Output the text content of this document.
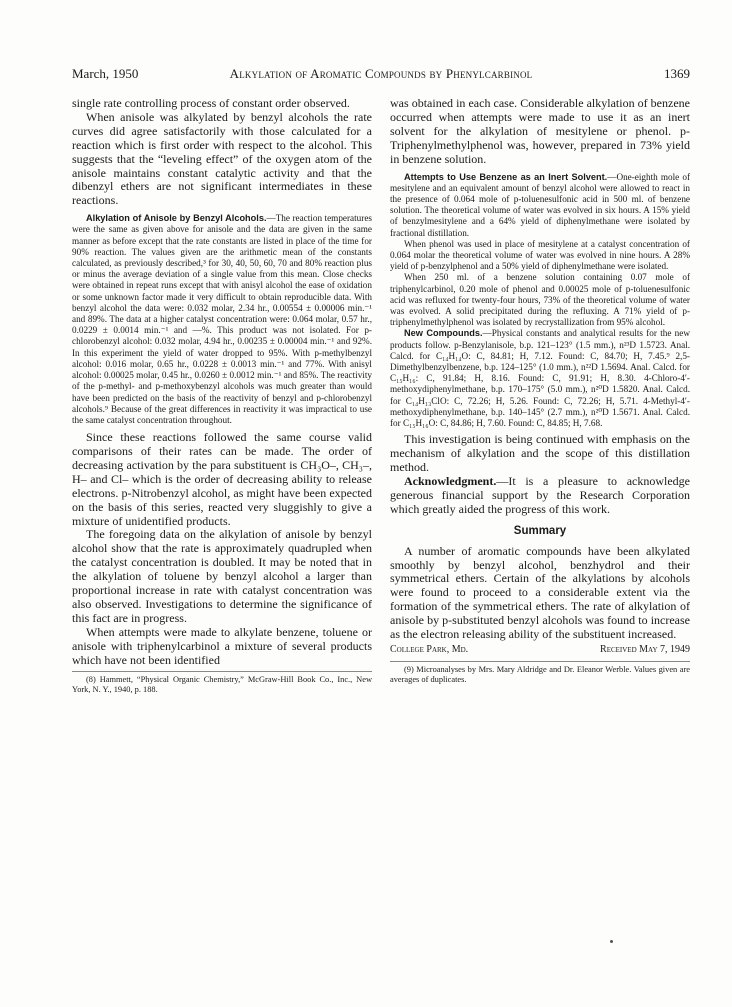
March, 1950	Alkylation of Aromatic Compounds by Phenylcarbinol	1369

single rate controlling process of constant order observed.

When anisole was alkylated by benzyl alcohols the rate curves did agree satisfactorily with those calculated for a reaction which is first order with respect to the alcohol. This suggests that the “leveling effect” of the oxygen atom of the anisole maintains constant catalytic activity and that the dibenzyl ethers are not significant intermediates in these reactions.

Alkylation of Anisole by Benzyl Alcohols.—The reaction temperatures were the same as given above for anisole and the data are given in the same manner as before except that the rate constants are listed in place of the time for 90% reaction. The values given are the arithmetic mean of the constants calculated, as previously described,³ for 30, 40, 50, 60, 70 and 80% reaction plus or minus the average deviation of a single value from this mean. Close checks were obtained in repeat runs except that with anisyl alcohol the ease of oxidation or some unknown factor made it very difficult to obtain reproducible data. With benzyl alcohol the data were: 0.032 molar, 2.34 hr., 0.00554 ± 0.00006 min.⁻¹ and 89%. The data at a higher catalyst concentration were: 0.064 molar, 0.57 hr., 0.0229 ± 0.0014 min.⁻¹ and —%. This product was not isolated. For p-chlorobenzyl alcohol: 0.032 molar, 4.94 hr., 0.00235 ± 0.00004 min.⁻¹ and 92%. In this experiment the yield of water dropped to 95%. With p-methylbenzyl alcohol: 0.016 molar, 0.65 hr., 0.0228 ± 0.0013 min.⁻¹ and 77%. With anisyl alcohol: 0.00025 molar, 0.45 hr., 0.0260 ± 0.0012 min.⁻¹ and 85%. The reactivity of the p-methyl- and p-methoxybenzyl alcohols was much greater than would have been predicted on the basis of the reactivity of benzyl and p-chlorobenzyl alcohols.⁹ Because of the great differences in reactivity it was impractical to use the same catalyst concentration throughout.

Since these reactions followed the same course valid comparisons of their rates can be made. The order of decreasing activation by the para substituent is CH₃O–, CH₃–, H– and Cl– which is the order of decreasing ability to release electrons. p-Nitrobenzyl alcohol, as might have been expected on the basis of this series, reacted very sluggishly to give a mixture of unidentified products.

The foregoing data on the alkylation of anisole by benzyl alcohol show that the rate is approximately quadrupled when the catalyst concentration is doubled. It may be noted that in the alkylation of toluene by benzyl alcohol a larger than proportional increase in rate with catalyst concentration was also observed. Investigations to determine the significance of this fact are in progress.

When attempts were made to alkylate benzene, toluene or anisole with triphenylcarbinol a mixture of several products which have not been identified

(8) Hammett, “Physical Organic Chemistry,” McGraw-Hill Book Co., Inc., New York, N. Y., 1940, p. 188.

was obtained in each case. Considerable alkylation of benzene occurred when attempts were made to use it as an inert solvent for the alkylation of mesitylene or phenol. p-Triphenylmethylphenol was, however, prepared in 73% yield in benzene solution.

Attempts to Use Benzene as an Inert Solvent.—One-eighth mole of mesitylene and an equivalent amount of benzyl alcohol were allowed to react in the presence of 0.064 mole of p-toluenesulfonic acid in 500 ml. of benzene solution. The theoretical volume of water was evolved in six hours. A 15% yield of benzylmesitylene and a 64% yield of diphenylmethane were isolated by fractional distillation.

When phenol was used in place of mesitylene at a catalyst concentration of 0.064 molar the theoretical volume of water was evolved in nine hours. A 28% yield of p-benzylphenol and a 50% yield of diphenylmethane were isolated.

When 250 ml. of a benzene solution containing 0.07 mole of triphenylcarbinol, 0.20 mole of phenol and 0.00025 mole of p-toluenesulfonic acid was refluxed for twenty-four hours, 73% of the theoretical volume of water was evolved. A solid precipitated during the refluxing. A 71% yield of p-triphenylmethylphenol was isolated by recrystallization from 95% alcohol.

New Compounds.—Physical constants and analytical results for the new products follow. p-Benzylanisole, b.p. 121–123° (1.5 mm.), n²³D 1.5723. Anal. Calcd. for C₁₄H₁₄O: C, 84.81; H, 7.12. Found: C, 84.70; H, 7.45.⁹ 2,5-Dimethylbenzylbenzene, b.p. 124–125° (1.0 mm.), n²²D 1.5694. Anal. Calcd. for C₁₅H₁₆: C, 91.84; H, 8.16. Found: C, 91.91; H, 8.30. 4-Chloro-4′-methoxydiphenylmethane, b.p. 170–175° (5.0 mm.), n²⁰D 1.5820. Anal. Calcd. for C₁₄H₁₃ClO: C, 72.26; H, 5.26. Found: C, 72.26; H, 5.71. 4-Methyl-4′-methoxydiphenylmethane, b.p. 140–145° (2.7 mm.), n²⁰D 1.5671. Anal. Calcd. for C₁₅H₁₆O: C, 84.86; H, 7.60. Found: C, 84.85; H, 7.68.

This investigation is being continued with emphasis on the mechanism of alkylation and the scope of this distillation method.

Acknowledgment.—It is a pleasure to acknowledge generous financial support by the Research Corporation which greatly aided the progress of this work.

Summary

A number of aromatic compounds have been alkylated smoothly by benzyl alcohol, benzhydrol and their symmetrical ethers. Certain of the alkylations by alcohols were found to proceed to a considerable extent via the formation of the symmetrical ethers. The rate of alkylation of anisole by p-substituted benzyl alcohols was found to increase as the electron releasing ability of the substituent increased.

College Park, Md.	Received May 7, 1949

(9) Microanalyses by Mrs. Mary Aldridge and Dr. Eleanor Werble. Values given are averages of duplicates.
